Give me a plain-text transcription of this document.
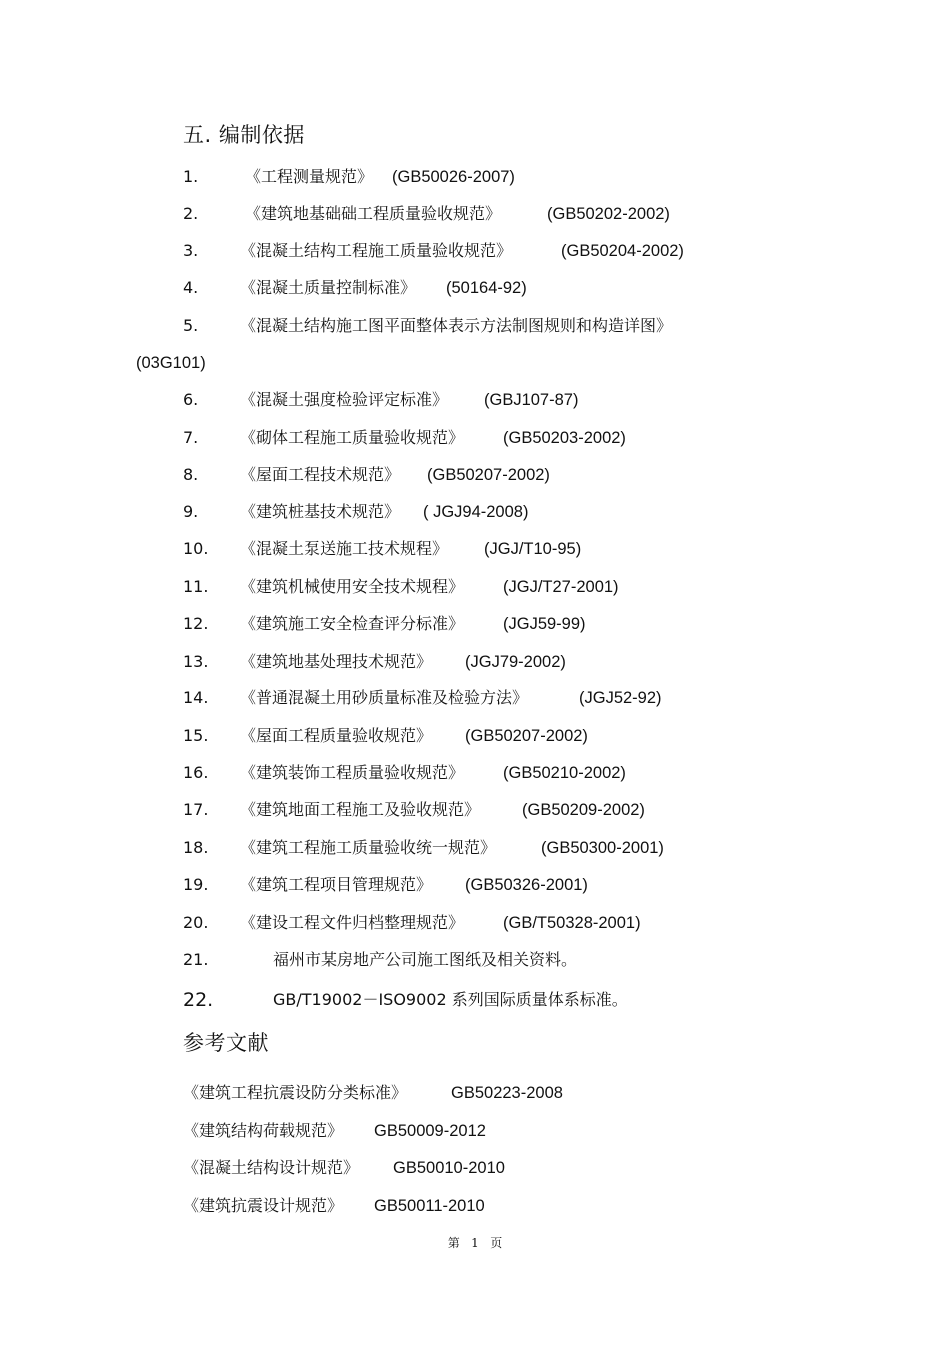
五. 编制依据
1.	《工程测量规范》 (GB50026-2007)
2.	《建筑地基础础工程质量验收规范》	(GB50202-2002)
3.	《混凝土结构工程施工质量验收规范》	(GB50204-2002)
4.	《混凝土质量控制标准》 (50164-92)
5.	《混凝土结构施工图平面整体表示方法制图规则和构造详图》
(03G101)
6.	《混凝土强度检验评定标准》 (GBJ107-87)
7.	《砌体工程施工质量验收规范》 (GB50203-2002)
8.	《屋面工程技术规范》 (GB50207-2002)
9.	《建筑桩基技术规范》 ( JGJ94-2008)
10. 《混凝土泵送施工技术规程》 (JGJ/T10-95)
11. 《建筑机械使用安全技术规程》 (JGJ/T27-2001)
12. 《建筑施工安全检查评分标准》 (JGJ59-99)
13. 《建筑地基处理技术规范》 (JGJ79-2002)
14. 《普通混凝土用砂质量标准及检验方法》	(JGJ52-92)
15. 《屋面工程质量验收规范》 (GB50207-2002)
16. 《建筑装饰工程质量验收规范》 (GB50210-2002)
17. 《建筑地面工程施工及验收规范》	(GB50209-2002)
18. 《建筑工程施工质量验收统一规范》	(GB50300-2001)
19. 《建筑工程项目管理规范》 (GB50326-2001)
20. 《建设工程文件归档整理规范》 (GB/T50328-2001)
21.	福州市某房地产公司施工图纸及相关资料。
22.	GB/T19002－ISO9002 系列国际质量体系标准。
参考文献
《建筑工程抗震设防分类标准》	GB50223-2008
《建筑结构荷载规范》 GB50009-2012
《混凝土结构设计规范》 GB50010-2010
《建筑抗震设计规范》 GB50011-2010
第 1 页
